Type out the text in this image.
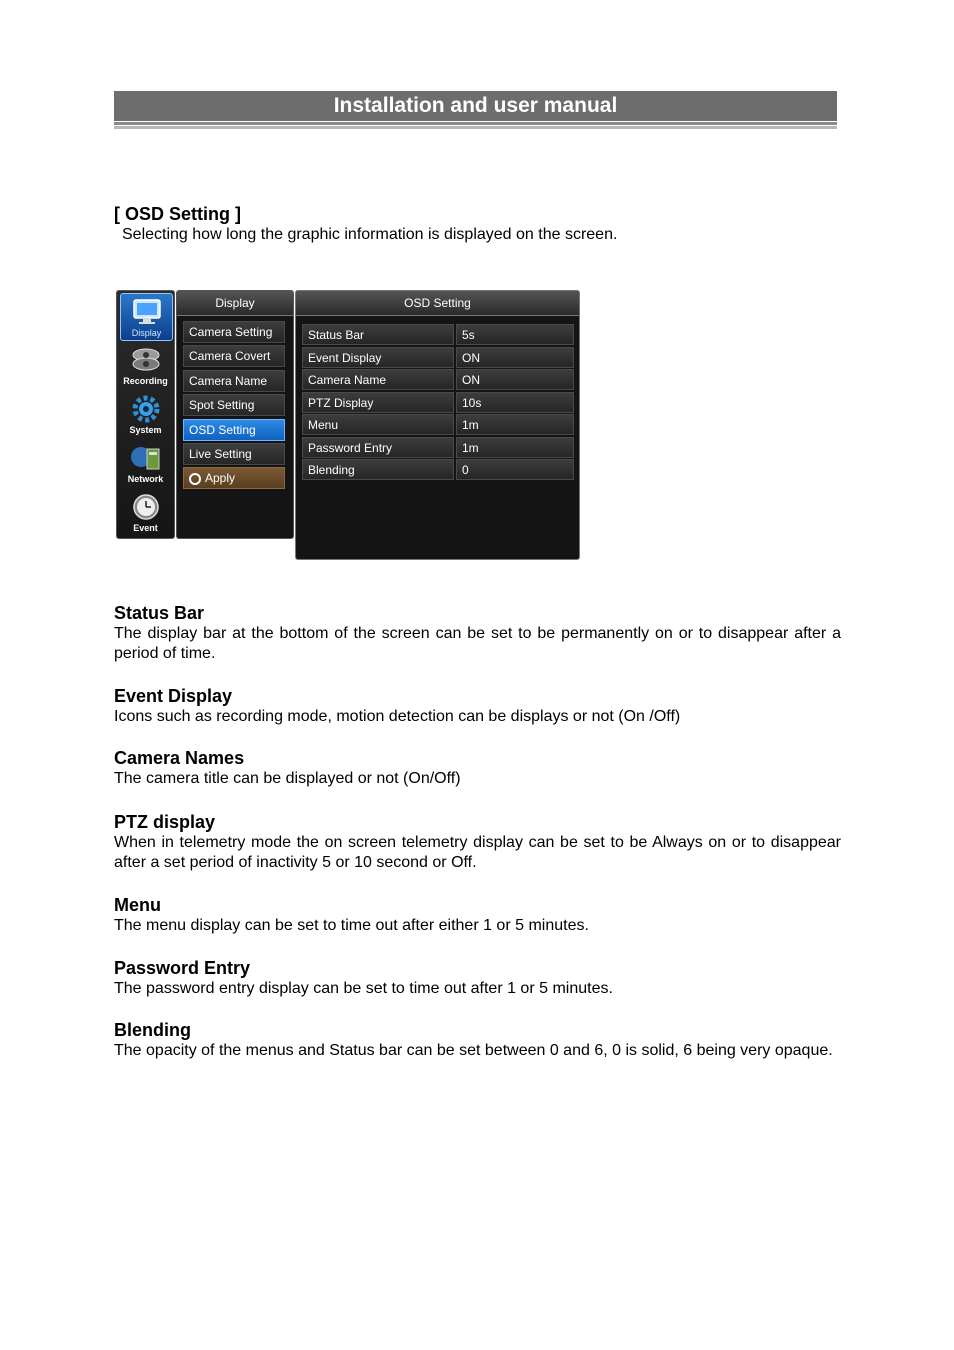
Installation and user manual
[ OSD Setting ]
Selecting how long the graphic information is displayed on the screen.
Display
Recording
System
Network
Event
Display
Camera Setting
Camera Covert
Camera Name
Spot Setting
OSD Setting
Live Setting
Apply
OSD Setting
Status Bar	5s
Event Display	ON
Camera Name	ON
PTZ Display	10s
Menu	1m
Password Entry	1m
Blending	0
Status Bar
The display bar at the bottom of the screen can be set to be permanently on or to disappear after a period of time.
Event Display
Icons such as recording mode, motion detection can be displays or not (On /Off)
Camera Names
The camera title can be displayed or not (On/Off)
PTZ display
When in telemetry mode the on screen telemetry display can be set to be Always on or to disappear after a set period of inactivity 5 or 10 second or Off.
Menu
The menu display can be set to time out after either 1 or 5 minutes.
Password Entry
The password entry display can be set to time out after 1 or 5 minutes.
Blending
The opacity of the menus and Status bar can be set between 0 and 6, 0 is solid, 6 being very opaque.
